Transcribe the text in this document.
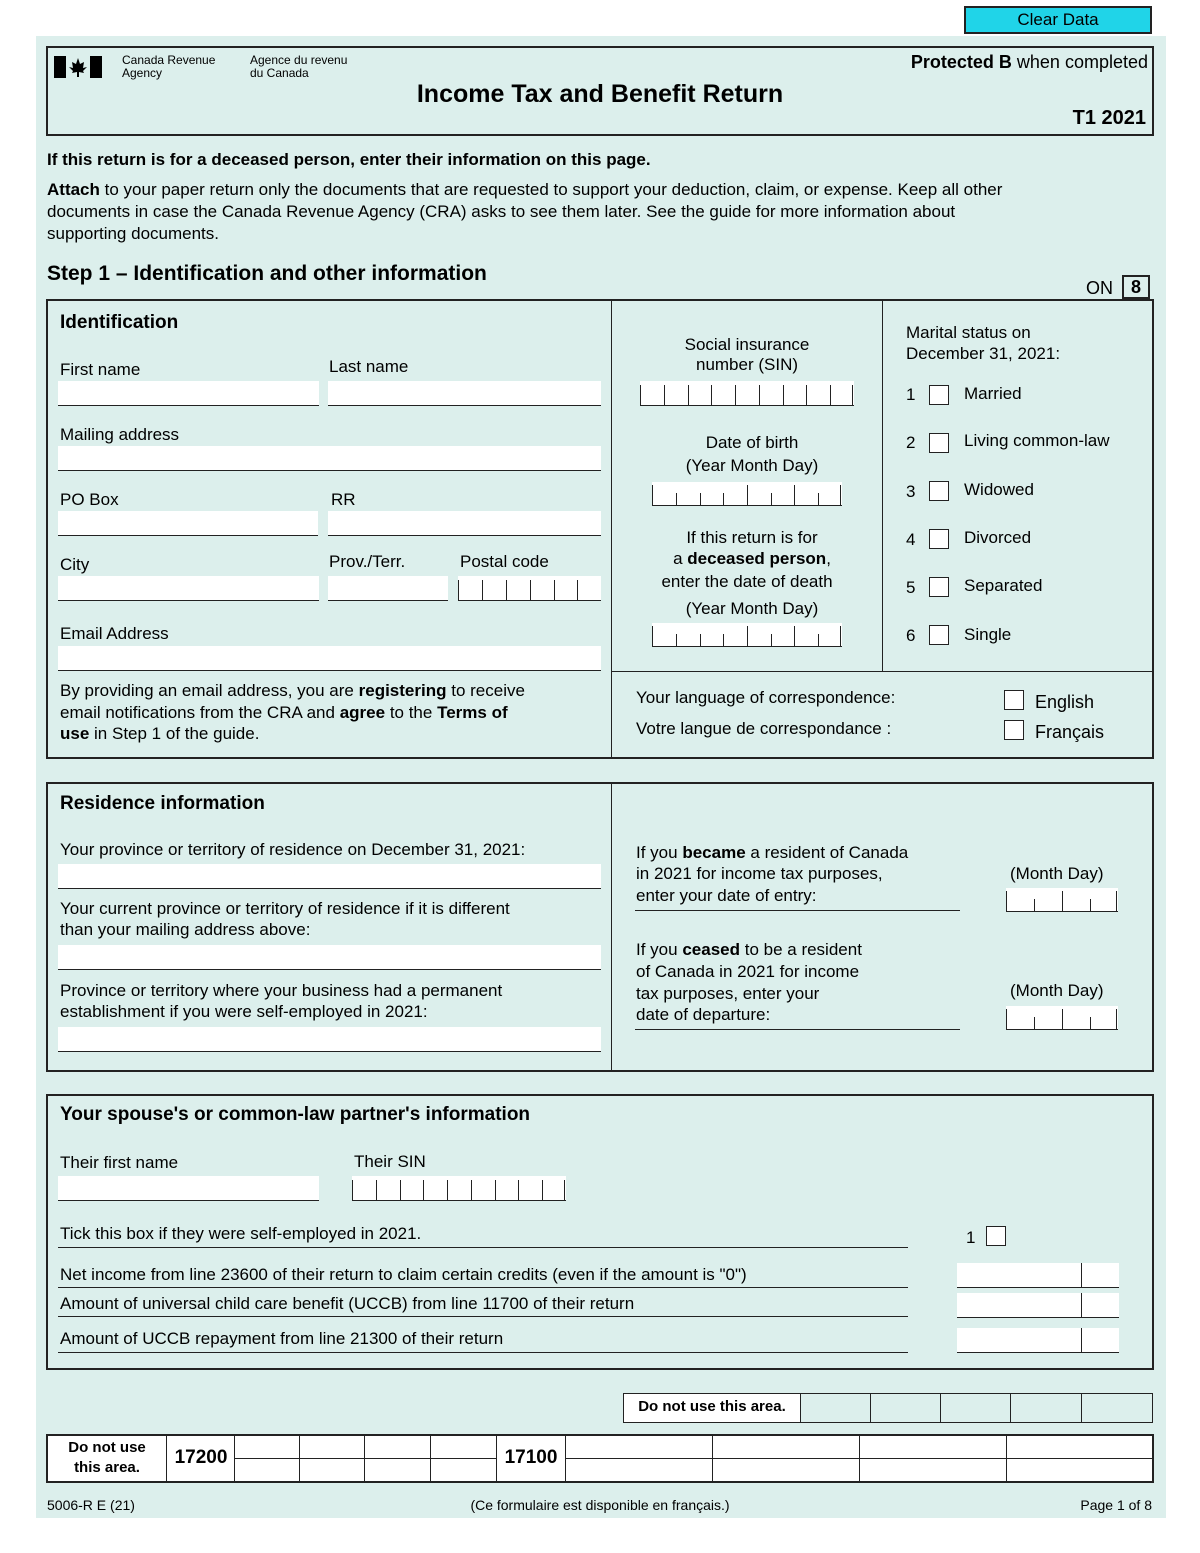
Clear Data
Canada Revenue
Agency
Agence du revenu
du Canada
Protected B when completed
Income Tax and Benefit Return
T1 2021
If this return is for a deceased person, enter their information on this page.
Attach to your paper return only the documents that are requested to support your deduction, claim, or expense. Keep all other
documents in case the Canada Revenue Agency (CRA) asks to see them later. See the guide for more information about
supporting documents.
Step 1 – Identification and other information
ON 8
Identification
First name	Last name
Mailing address
PO Box	RR
City	Prov./Terr.	Postal code
Email Address
By providing an email address, you are registering to receive
email notifications from the CRA and agree to the Terms of
use in Step 1 of the guide.
Social insurance
number (SIN)
Date of birth
(Year Month Day)
If this return is for
a deceased person,
enter the date of death
(Year Month Day)
Marital status on
December 31, 2021:
1	Married
2	Living common-law
3	Widowed
4	Divorced
5	Separated
6	Single
Your language of correspondence:
Votre langue de correspondance :
English
Français
Residence information
Your province or territory of residence on December 31, 2021:
Your current province or territory of residence if it is different
than your mailing address above:
Province or territory where your business had a permanent
establishment if you were self-employed in 2021:
If you became a resident of Canada
in 2021 for income tax purposes,
enter your date of entry:
(Month Day)
If you ceased to be a resident
of Canada in 2021 for income
tax purposes, enter your
date of departure:
(Month Day)
Your spouse's or common-law partner's information
Their first name	Their SIN
Tick this box if they were self-employed in 2021.	1
Net income from line 23600 of their return to claim certain credits (even if the amount is "0")
Amount of universal child care benefit (UCCB) from line 11700 of their return
Amount of UCCB repayment from line 21300 of their return
Do not use this area.
Do not use
this area.	17200	17100
5006-R E (21)	(Ce formulaire est disponible en français.)	Page 1 of 8
